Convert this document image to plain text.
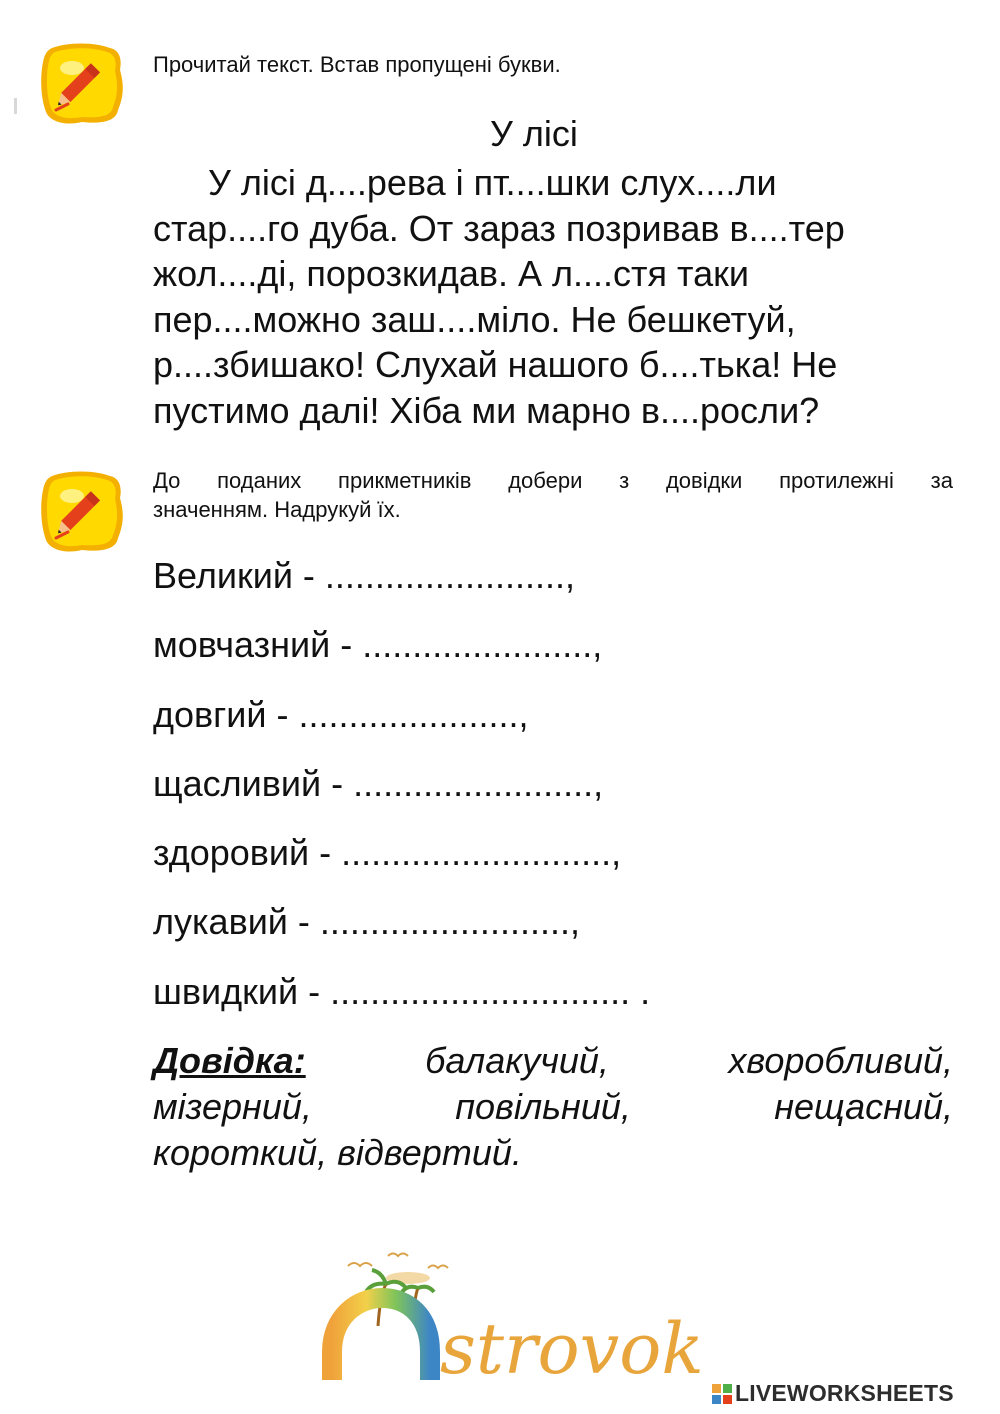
Прочитай текст. Встав пропущені букви.
У лісі
У лісі д....рева і пт....шки слух....ли
стар....го дуба. От зараз позривав в....тер
жол....ді, порозкидав. А л....стя таки
пер....можно заш....міло. Не бешкетуй,
р....збишако! Слухай нашого б....тька! Не
пустимо далі! Хіба ми марно в....росли?
До поданих прикметників добери з довідки протилежні за
значенням. Надрукуй їх.
Великий - ........................,
мовчазний - .......................,
довгий - ......................,
щасливий - ........................,
здоровий - ...........................,
лукавий - .........................,
швидкий - .............................. .
Довідка:	балакучий,	хворобливий,
мізерний,	повільний,	нещасний,
короткий, відвертий.
strovok
LIVEWORKSHEETS
